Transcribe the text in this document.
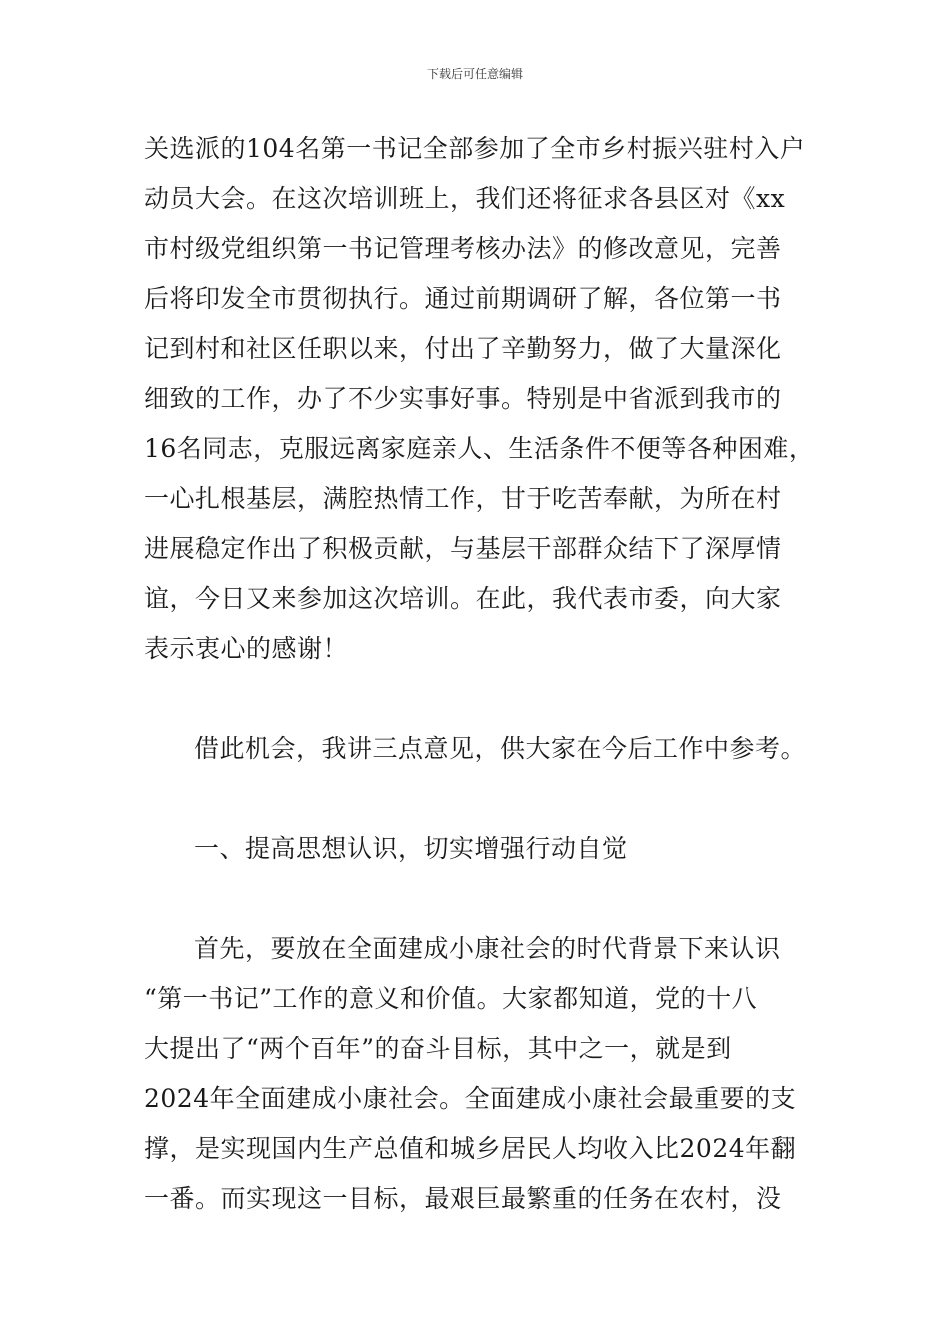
下载后可任意编辑
关选派的104名第一书记全部参加了全市乡村振兴驻村入户
动员大会。在这次培训班上，我们还将征求各县区对《xx
市村级党组织第一书记管理考核办法》的修改意见，完善
后将印发全市贯彻执行。通过前期调研了解，各位第一书
记到村和社区任职以来，付出了辛勤努力，做了大量深化
细致的工作，办了不少实事好事。特别是中省派到我市的
16名同志，克服远离家庭亲人、生活条件不便等各种困难，
一心扎根基层，满腔热情工作，甘于吃苦奉献，为所在村
进展稳定作出了积极贡献，与基层干部群众结下了深厚情
谊，今日又来参加这次培训。在此，我代表市委，向大家
表示衷心的感谢！
借此机会，我讲三点意见，供大家在今后工作中参考。
一、提高思想认识，切实增强行动自觉
首先，要放在全面建成小康社会的时代背景下来认识
“第一书记”工作的意义和价值。大家都知道，党的十八
大提出了“两个百年”的奋斗目标，其中之一，就是到
2024年全面建成小康社会。全面建成小康社会最重要的支
撑，是实现国内生产总值和城乡居民人均收入比2024年翻
一番。而实现这一目标，最艰巨最繁重的任务在农村，没
